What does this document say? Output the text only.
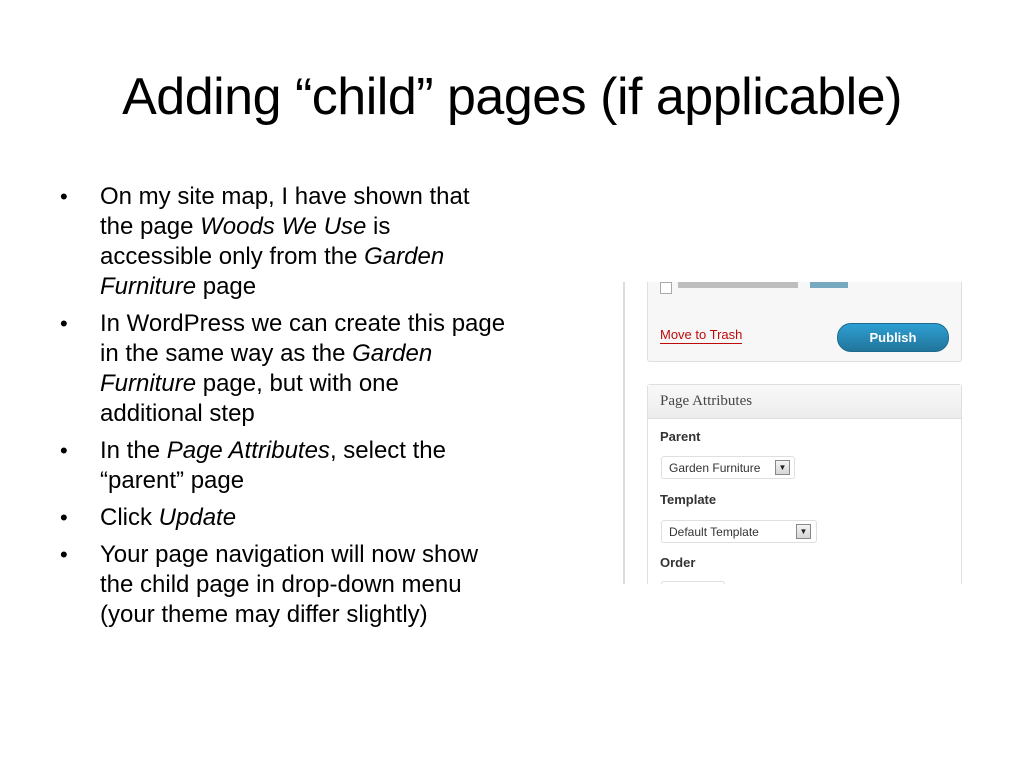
Adding “child” pages (if applicable)
• On my site map, I have shown that the page Woods We Use is accessible only from the Garden Furniture page
• In WordPress we can create this page in the same way as the Garden Furniture page, but with one additional step
• In the Page Attributes, select the “parent” page
• Click Update
• Your page navigation will now show the child page in drop-down menu (your theme may differ slightly)
Move to Trash	Publish
Page Attributes
Parent
Garden Furniture	▼
Template
Default Template	▼
Order
